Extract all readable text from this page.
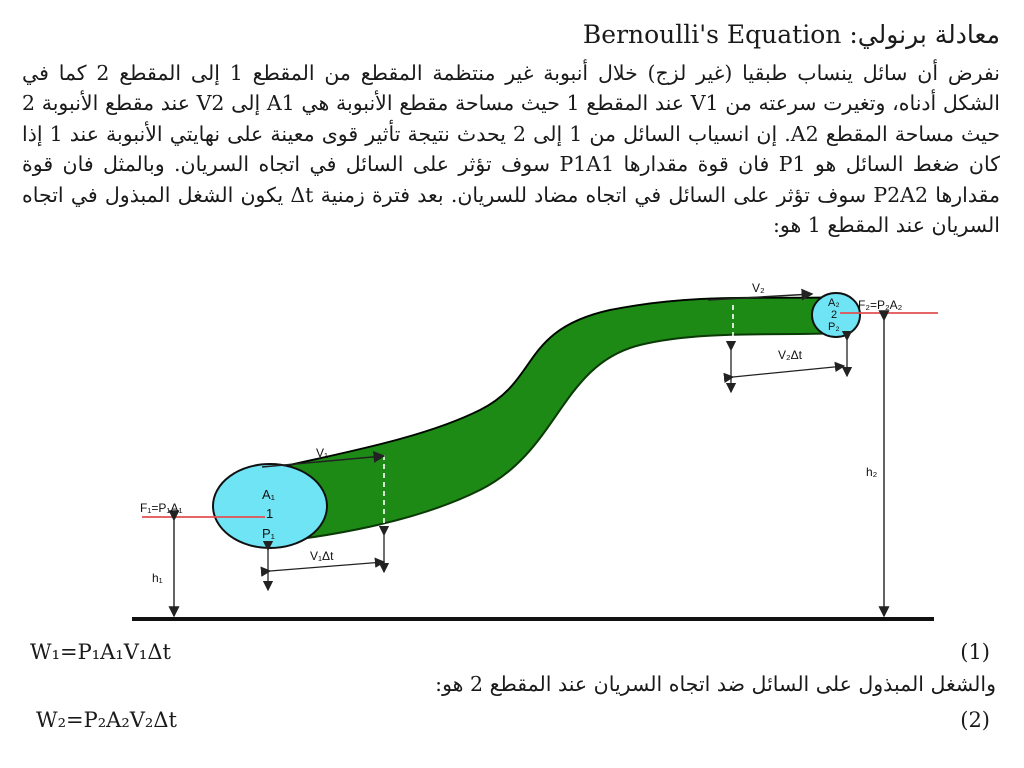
معادلة برنولي: Bernoulli's Equation

نفرض أن سائل ينساب طبقيا (غير لزج) خلال أنبوبة غير منتظمة المقطع من المقطع 1 إلى المقطع 2 كما في الشكل أدناه، وتغيرت سرعته من V1 عند المقطع 1 حيث مساحة مقطع الأنبوبة هي A1 إلى V2 عند مقطع الأنبوبة 2 حيث مساحة المقطع A2. إن انسياب السائل من 1 إلى 2 يحدث نتيجة تأثير قوى معينة على نهايتي الأنبوبة عند 1 إذا كان ضغط السائل هو P1 فان قوة مقدارها P1A1 سوف تؤثر على السائل في اتجاه السريان. وبالمثل فان قوة مقدارها P2A2 سوف تؤثر على السائل في اتجاه مضاد للسريان. بعد فترة زمنية Δt يكون الشغل المبذول في اتجاه السريان عند المقطع 1 هو:

V₁
V₂
F₁=P₁A₁
F₂=P₂A₂
A₁
1
P₁
A₂
2
P₂
V₁Δt
V₂Δt
h₁
h₂
W₁=P₁A₁V₁Δt	(1)
والشغل المبذول على السائل ضد اتجاه السريان عند المقطع 2 هو:
W₂=P₂A₂V₂Δt	(2)
